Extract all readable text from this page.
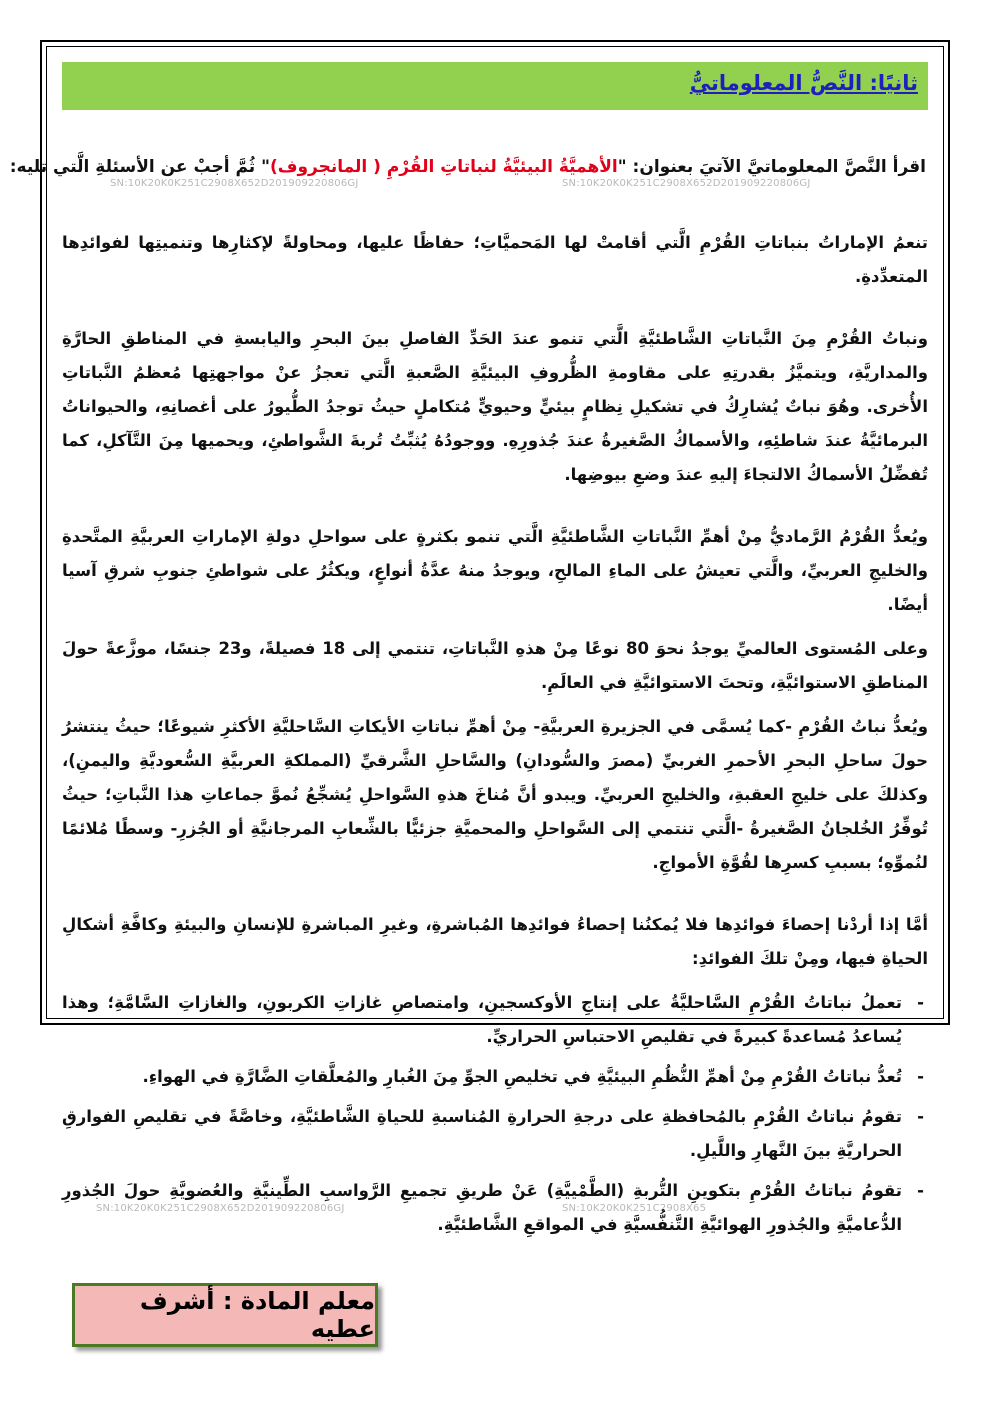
ثانيًا: النَّصُّ المعلوماتيُّ
اقرأ النَّصَّ المعلوماتيَّ الآتيَ بعنوان: "الأهميَّةُ البيئيَّةُ لنباتاتِ القُرْمِ ( المانجروف)" ثُمَّ أجبْ عن الأسئلةِ الَّتي تليه:
SN:10K20K0K251C2908X652D201909220806GJ	SN:10K20K0K251C2908X652D201909220806GJ
SN:10K20K0K251C2908X652D201909220806GJ	SN:10K20K0K251C2908X65

تنعمُ الإماراتُ بنباتاتِ القُرْمِ الَّتي أقامتْ لها المَحميَّاتِ؛ حفاظًا عليها، ومحاولةً لإكثارِها وتنميتِها لفوائدِها المتعدِّدةِ.

ونباتُ القُرْمِ مِنَ النَّباتاتِ الشَّاطئيَّةِ الَّتي تنمو عندَ الحَدِّ الفاصلِ بينَ البحرِ واليابسةِ في المناطقِ الحارَّةِ والمداريَّةِ، ويتميَّزُ بقدرتِهِ على مقاومةِ الظُّروفِ البيئيَّةِ الصَّعبةِ الَّتي تعجزُ عنْ مواجهتِها مُعظمُ النَّباتاتِ الأُخرى. وهُوَ نباتٌ يُشارِكُ في تشكيلِ نِظامٍ بيئيٍّ وحيويٍّ مُتكاملٍ حيثُ توجدُ الطُّيورُ على أغصانِهِ، والحيواناتُ البرمائيَّةُ عندَ شاطئِهِ، والأسماكُ الصَّغيرةُ عندَ جُذورِهِ. ووجودُهُ يُثبِّتُ تُربةَ الشَّواطئِ، ويحميها مِنَ التَّآكلِ، كما تُفضِّلُ الأسماكُ الالتجاءَ إليهِ عندَ وضعِ بيوضِها.

ويُعدُّ القُرْمُ الرَّماديُّ مِنْ أهمِّ النَّباتاتِ الشَّاطئيَّةِ الَّتي تنمو بكثرةٍ على سواحلِ دولةِ الإماراتِ العربيَّةِ المتَّحدةِ والخليجِ العربيِّ، والَّتي تعيشُ على الماءِ المالحِ، ويوجدُ منهُ عدَّةُ أنواعٍ، ويكثُرُ على شواطئِ جنوبِ شرقِ آسيا أيضًا.

وعلى المُستوى العالميِّ يوجدُ نحوَ 80 نوعًا مِنْ هذهِ النَّباتاتِ، تنتمي إلى 18 فصيلةً، و23 جنسًا، موزَّعةً حولَ المناطقِ الاستوائيَّةِ، وتحتَ الاستوائيَّةِ في العالَمِ.

ويُعدُّ نباتُ القُرْمِ -كما يُسمَّى في الجزيرةِ العربيَّةِ- مِنْ أهمِّ نباتاتِ الأيكاتِ السَّاحليَّةِ الأكثرِ شيوعًا؛ حيثُ ينتشرُ حولَ ساحلِ البحرِ الأحمرِ الغربيِّ (مصرَ والسُّودانِ) والسَّاحلِ الشَّرقيِّ (المملكةِ العربيَّةِ السُّعوديَّةِ واليمنِ)، وكذلكَ على خليجِ العقبةِ، والخليجِ العربيِّ. ويبدو أنَّ مُناخَ هذهِ السَّواحلِ يُشجِّعُ نُموَّ جماعاتِ هذا النَّباتِ؛ حيثُ تُوفِّرُ الخُلجانُ الصَّغيرةُ -الَّتي تنتمي إلى السَّواحلِ والمحميَّةِ جزئيًّا بالشِّعابِ المرجانيَّةِ أو الجُزرِ- وسطًا مُلائمًا لنُموِّهِ؛ بسببِ كسرِها لقُوَّةِ الأمواجِ.

أمَّا إذا أردْنا إحصاءَ فوائدِها فلا يُمكنُنا إحصاءُ فوائدِها المُباشرةِ، وغيرِ المباشرةِ للإنسانِ والبيئةِ وكافَّةِ أشكالِ الحياةِ فيها، ومِنْ تلكَ الفوائدِ:

- تعملُ نباتاتُ القُرْمِ السَّاحليَّةُ على إنتاجِ الأوكسجينِ، وامتصاصِ غازاتِ الكربونِ، والغازاتِ السَّامَّةِ؛ وهذا يُساعدُ مُساعدةً كبيرةً في تقليصِ الاحتباسِ الحراريِّ.
- تُعدُّ نباتاتُ القُرْمِ مِنْ أهمِّ النُّظُمِ البيئيَّةِ في تخليصِ الجوِّ مِنَ الغُبارِ والمُعلَّقاتِ الضَّارَّةِ في الهواءِ.
- تقومُ نباتاتُ القُرْمِ بالمُحافظةِ على درجةِ الحرارةِ المُناسبةِ للحياةِ الشَّاطئيَّةِ، وخاصَّةً في تقليصِ الفوارقِ الحراريَّةِ بينَ النَّهارِ واللَّيلِ.
- تقومُ نباتاتُ القُرْمِ بتكوينِ التُّربةِ (الطَّمْييَّةِ) عَنْ طريقِ تجميعِ الرَّواسبِ الطِّينيَّةِ والعُضويَّةِ حولَ الجُذورِ الدُّعاميَّةِ والجُذورِ الهوائيَّةِ التَّنفُّسيَّةِ في المواقعِ الشَّاطئيَّةِ.
معلم المادة : أشرف عطيه
